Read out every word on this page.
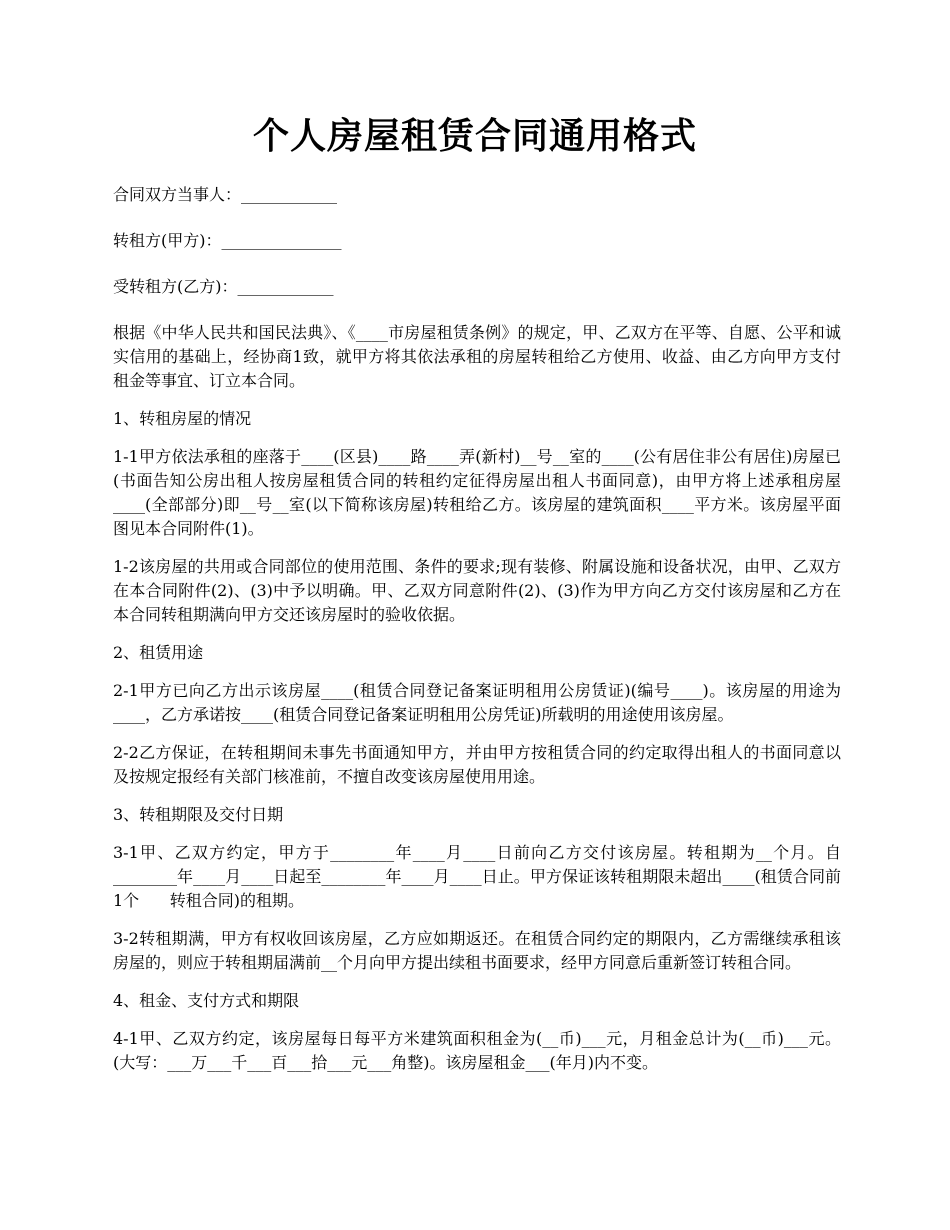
个人房屋租赁合同通用格式

合同双方当事人：____________

转租方(甲方)：_______________

受转租方(乙方)：____________

根据《中华人民共和国民法典》、《____市房屋租赁条例》的规定，甲、乙双方在平等、自愿、公平和诚实信用的基础上，经协商1致，就甲方将其依法承租的房屋转租给乙方使用、收益、由乙方向甲方支付租金等事宜、订立本合同。

1、转租房屋的情况

1-1甲方依法承租的座落于____(区县)____路____弄(新村)__号__室的____(公有居住非公有居住)房屋已(书面告知公房出租人按房屋租赁合同的转租约定征得房屋出租人书面同意)，由甲方将上述承租房屋____(全部部分)即__号__室(以下简称该房屋)转租给乙方。该房屋的建筑面积____平方米。该房屋平面图见本合同附件(1)。

1-2该房屋的共用或合同部位的使用范围、条件的要求;现有装修、附属设施和设备状况，由甲、乙双方在本合同附件(2)、(3)中予以明确。甲、乙双方同意附件(2)、(3)作为甲方向乙方交付该房屋和乙方在本合同转租期满向甲方交还该房屋时的验收依据。

2、租赁用途

2-1甲方已向乙方出示该房屋____(租赁合同登记备案证明租用公房赁证)(编号____)。该房屋的用途为____，乙方承诺按____(租赁合同登记备案证明租用公房凭证)所载明的用途使用该房屋。

2-2乙方保证，在转租期间未事先书面通知甲方，并由甲方按租赁合同的约定取得出租人的书面同意以及按规定报经有关部门核准前，不擅自改变该房屋使用用途。

3、转租期限及交付日期

3-1甲、乙双方约定，甲方于________年____月____日前向乙方交付该房屋。转租期为__个月。自________年____月____日起至________年____月____日止。甲方保证该转租期限未超出____(租赁合同前1个      转租合同)的租期。

3-2转租期满，甲方有权收回该房屋，乙方应如期返还。在租赁合同约定的期限内，乙方需继续承租该房屋的，则应于转租期届满前__个月向甲方提出续租书面要求，经甲方同意后重新签订转租合同。

4、租金、支付方式和期限

4-1甲、乙双方约定，该房屋每日每平方米建筑面积租金为(__币)___元，月租金总计为(__币)___元。(大写：___万___千___百___拾___元___角整)。该房屋租金___(年月)内不变。
